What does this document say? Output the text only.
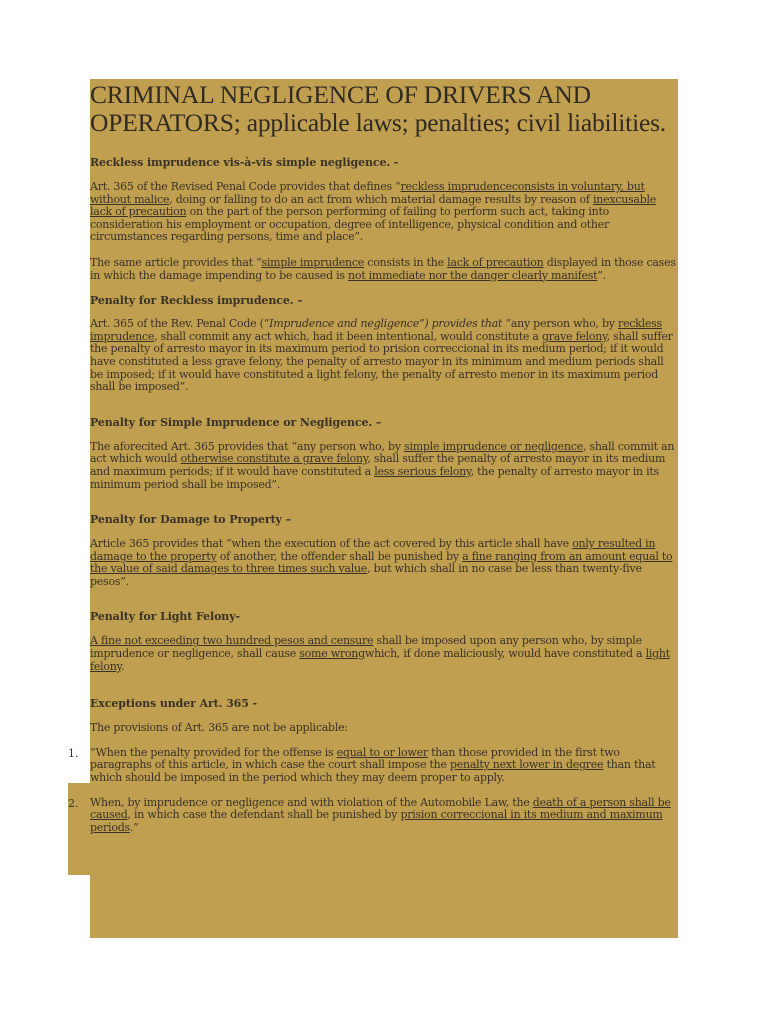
CRIMINAL NEGLIGENCE OF DRIVERS AND OPERATORS; applicable laws; penalties; civil liabilities.

Reckless imprudence vis-à-vis simple negligence. -

Art. 365 of the Revised Penal Code provides that defines “reckless imprudenceconsists in voluntary, but without malice, doing or falling to do an act from which material damage results by reason of inexcusable lack of precaution on the part of the person performing of failing to perform such act, taking into consideration his employment or occupation, degree of intelligence, physical condition and other circumstances regarding persons, time and place”.

The same article provides that “simple imprudence consists in the lack of precaution displayed in those cases in which the damage impending to be caused is not immediate nor the danger clearly manifest”.

Penalty for Reckless imprudence. –

Art. 365 of the Rev. Penal Code (“Imprudence and negligence”) provides that “any person who, by reckless imprudence, shall commit any act which, had it been intentional, would constitute a grave felony, shall suffer the penalty of arresto mayor in its maximum period to prision correccional in its medium period; if it would have constituted a less grave felony, the penalty of arresto mayor in its minimum and medium periods shall be imposed; if it would have constituted a light felony, the penalty of arresto menor in its maximum period shall be imposed”.

Penalty for Simple Imprudence or Negligence. –

The aforecited Art. 365 provides that “any person who, by simple imprudence or negligence, shall commit an act which would otherwise constitute a grave felony, shall suffer the penalty of arresto mayor in its medium and maximum periods; if it would have constituted a less serious felony, the penalty of arresto mayor in its minimum period shall be imposed”.

Penalty for Damage to Property –

Article 365 provides that “when the execution of the act covered by this article shall have only resulted in damage to the property of another, the offender shall be punished by a fine ranging from an amount equal to the value of said damages to three times such value, but which shall in no case be less than twenty-five pesos”.

Penalty for Light Felony-

A fine not exceeding two hundred pesos and censure shall be imposed upon any person who, by simple imprudence or negligence, shall cause some wrongwhich, if done maliciously, would have constituted a light felony.

Exceptions under Art. 365 -

The provisions of Art. 365 are not be applicable:

1. “When the penalty provided for the offense is equal to or lower than those provided in the first two paragraphs of this article, in which case the court shall impose the penalty next lower in degree than that which should be imposed in the period which they may deem proper to apply.

2. When, by imprudence or negligence and with violation of the Automobile Law, the death of a person shall be caused, in which case the defendant shall be punished by prision correccional in its medium and maximum periods.”
